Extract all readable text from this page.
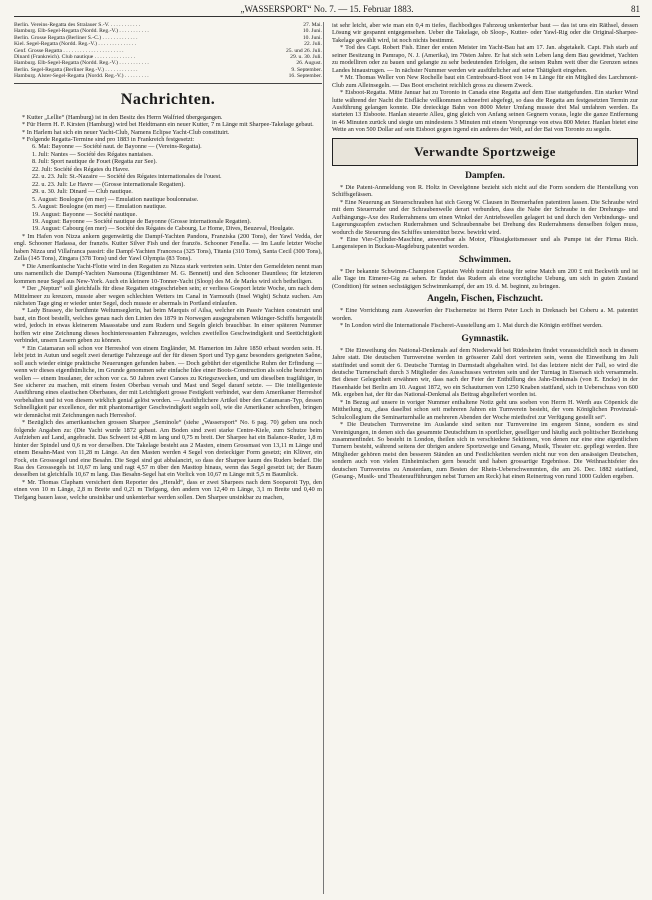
„WASSERSPORT“ No. 7. — 15. Februar 1883.	81
Berlin. Vereins-Regatta des Stralauer S.-V. . . . . . . . . . . .	27. Mai.
Hamburg. Elb-Segel-Regatta (Nordd. Reg.-V.) . . . . . . . . . . .	10. Juni.
Berlin. Grosse Regatta (Berliner S.-C.) . . . . . . . . . . . . .	10. Juni.
Kiel. Segel-Regatta (Nordd. Reg.-V.) . . . . . . . . . . . . . .	22. Juli.
Genf. Grosse Regatta . . . . . . . . . . . . . . . . . . . . . .	25. und 26. Juli.
Dinard (Frankreich). Club nautique . . . . . . . . . . . . . . .	29. u. 30. Juli.
Hamburg. Elb-Segel-Regatta (Nordd. Reg.-V.) . . . . . . . . . . .	26. August.
Berlin. Segel-Regatta (Berliner Reg.-V.) . . . . . . . . . . . .	9. September.
Hamburg. Alster-Segel-Regatta (Nordd. Reg.-V.) . . . . . . . . .	16. September.
Nachrichten.

* Kutter „Lellie“ (Hamburg) ist in den Besitz des Herrn Walfried übergegangen.

* Für Herrn H. F. Kirsten (Hamburg) wird bei Heidtmann ein neuer Kutter, 7 m Länge mit Sharpee-Takelage gebaut.

* In Harlem hat sich ein neuer Yacht-Club, Namens Eclipse Yacht-Club constituirt.

* Folgende Regatta-Termine sind pro 1883 in Frankreich festgesetzt:

6. Mai: Bayonne — Société naut. de Bayonne — (Vereins-Regatta).

1. Juli: Nantes — Société des Régates nantaises.

8. Juli: Sport nautique de Fouet (Regatta zur See).

22. Juli: Société des Régates du Havre.

22. u. 23. Juli: St.-Nazaire — Société des Régates internationales de l'ouest.

22. u. 23. Juli: Le Havre — (Grosse internationale Regatten).

29. u. 30. Juli: Dinard — Club nautique.

5. August: Boulogne (en mer) — Emulation nautique boulonnaise.

5. August: Boulogne (en mer) — Emulation nautique.

19. August: Bayonne — Société nautique.

19. August: Bayonne — Société nautique de Bayonne (Grosse internationale Regatten).

19. August: Cabourg (en mer) — Société des Régates de Cabourg, Le Home, Dives, Beuzeval, Houlgate.

* Im Hafen von Nizza ankern gegenwärtig die Dampf-Yachten Pandora, Franziska (200 Tons), der Yawl Vedda, der engl. Schooner Hadassa, der französ. Kutter Silver Fish und der französ. Schooner Fenella. — Im Laufe letzter Woche haben Nizza und Villafranca passirt: die Dampf-Yachten Francesca (325 Tons), Titania (310 Tons), Santa Cecil (300 Tons), Zella (145 Tons), Zingara (378 Tons) und der Yawl Olympia (83 Tons).

* Die Amerikanische Yacht-Flotte wird in den Regatten zu Nizza stark vertreten sein. Unter den Gemeldeten nennt man uns namentlich die Dampf-Yachten Namouna (Eigenthümer M. G. Bennett) und den Schooner Dauntless; für letzteren kommen neue Segel aus New-York. Auch ein kleinere 10-Tonner-Yacht (Sloop) des M. de Marks wird sich betheiligen.

* Der „Neptun“ soll gleichfalls für diese Regatten eingeschrieben sein; er verliess Gosport letzte Woche, um nach dem Mittelmeer zu kreuzen, musste aber wegen schlechten Wetters im Canal in Yarmouth (Insel Wight) Schutz suchen. Am nächsten Tage ging er wieder unter Segel, doch musste er abermals in Portland einlaufen.

* Lady Brassey, die berühmte Weltumseglerin, hat beim Marquis of Ailsa, welcher ein Passiv Yachten construirt und baut, ein Boot bestellt, welches genau nach den Linien des 1879 in Norwegen ausgegrabenen Wikinger-Schiffs hergestellt wird, jedoch in etwas kleinerem Maassstabe und zum Rudern und Segeln gleich brauchbar. In einer späteren Nummer hoffen wir eine Zeichnung dieses hochinteressanten Fahrzeuges, welches zweifellos Geschwindigkeit und Seetüchtigkeit verbindet, unsern Lesern geben zu können.

* Ein Catamaran soll schon vor Herreshof von einem Engländer, M. Hamerton im Jahre 1850 erbaut worden sein. H. lebt jetzt in Autun und segelt zwei derartige Fahrzeuge auf der für diesen Sport und Typ ganz besonders geeigneten Saône, soll auch wieder einige praktische Neuerungen gefunden haben. — Doch gebührt der eigentliche Ruhm der Erfindung — wenn wir dieses eigenthümliche, im Grunde genommen sehr einfache Idee einer Boots-Construction als solche bezeichnen wollen — einem Insulaner, der schon vor ca. 50 Jahren zwei Canoes zu Kriegszwecken, und um dieselben tragfähiger, in See sicherer zu machen, mit einem festen Oberbau versah und Mast und Segel daranf setzte. — Die intelligenteste Ausführung eines elastischen Oberbaues, der mit Leichtigkeit grosse Festigkeit verbindet, war dem Amerikaner Herreshof vorbehalten und ist von diesem wirklich genial gelöst worden. — Ausführlichere Artikel über den Catamaran-Typ, dessen Schnelligkeit par excellence, der mit phantomartiger Geschwindigkeit segeln soll, wie die Amerikaner schreiben, bringen wir demnächst mit Zeichnungen nach Herreshof.

* Bezüglich des amerikanischen grossen Sharpee „Seminole“ (siehe „Wassersport“ No. 6 pag. 70) geben uns noch folgende Angaben zu: (Die Yacht wurde 1872 gebaut. Am Boden sind zwei starke Centre-Kiele, zum Schutze beim Aufziehen auf Land, angebracht. Das Schwert ist 4,88 m lang und 0,75 m breit. Der Sharpee hat ein Balance-Ruder, 1,8 m hinter der Spindel und 0,6 m vor derselben. Die Takelage besteht aus 2 Masten, einem Grossmast von 13,11 m Länge und einem Besahn-Mast von 11,28 m Länge. An den Masten werden 4 Segel von dreieckiger Form gesetzt; ein Klüver, ein Fock, ein Grosssegel und eine Besahn. Die Segel sind gut abbalancirt, so dass der Sharpee kaum des Ruders bedarf. Die Raa des Grosssegels ist 10,67 m lang und ragt 4,57 m über den Masttop hinaus, wenn das Segel gesetzt ist; der Baum desselben ist gleichfalls 10,67 m lang. Das Besahn-Segel hat ein Vorlick von 10,67 m Länge mit 5,5 m Baumlick.

* Mr. Thomas Clapham versichert dem Reporter des „Herald“, dass er zwei Sharpees nach dem Sooparoit Typ, den einen von 10 m Länge, 2,8 m Breite und 0,21 m Tiefgang, den andern von 12,40 m Länge, 3,1 m Breite und 0,40 m Tiefgang bauen lasse, welche unsinkbar und unkenterbar werden sollen. Den Sharpee unsinkbar zu machen,

ist sehr leicht, aber wie man ein 0,4 m tiefes, flachbodiges Fahrzeug unkenterbar baut — das ist uns ein Räthsel, dessen Lösung wir gespannt entgegensehen. Ueber die Takelage, ob Sloop-, Kutter- oder Yawl-Rig oder die Original-Sharpee-Takelage gewählt wird, ist noch nichts bestimmt.

* Tod des Capt. Robert Fish. Einer der ersten Meister im Yacht-Bau hat am 17. Jan. abgetakelt. Capt. Fish starb auf seiner Besitzung in Pamrapo, N. J. (Amerika), im 70sten Jahre. Er hat sich sein Leben lang dem Bau gewidmet, Yachten zu modelliren oder zu bauen und gelangte zu sehr bedeutenden Erfolgen, die seinen Ruhm weit über die Grenzen seines Landes hinaustrugen. — In nächster Nummer werden wir ausführlicher auf seine Thätigkeit eingehen.

* Mr. Thomas Weller von New Rochelle baut ein Centreboard-Boot von 14 m Länge für ein Mitglied des Larchmont-Club zum Alleinsegeln. — Das Boot erscheint reichlich gross zu diesem Zweck.

* Eisboot-Regatta. Mitte Januar hat zu Toronto in Canada eine Regatta auf dem Eise stattgefunden. Ein starker Wind lutte während der Nacht die Eisfläche vollkommen schneefrei abgefegt, so dass die Regatta am festgesetzten Termin zur Ausführung gelangen konnte. Die dreieckige Bahn von 8000 Meter Umfang musste drei Mal umfahren werden. Es starteten 13 Eisboote. Hanlan steuerte Alleu, ging gleich von Anfang seinen Gegnern voraus, legte die ganze Entfernung in 46 Minuten zurück und siegte um mindestens 3 Minuten mit einem Vorsprunge von etwa 800 Meter. Hanlan bietet eine Wette an von 500 Dollar auf sein Eisboot gegen irgend ein anderes der Welt, auf der Bai von Toronto zu segeln.

Verwandte Sportzweige
Dampfen.

* Die Patent-Anmeldung von R. Holtz in Oevelgönne bezieht sich nicht auf die Form sondern die Herstellung von Schiffsgefässen.

* Eine Neuerung an Steuerschrauben hat sich Georg W. Clausen in Bremerhafen patentiren lassen. Die Schraube wird mit dem Steuerruder und der Schraubenwelle derart verbunden, dass die Nabe der Schraube in der Drehungs- und Aufhängungs-Axe des Ruderrahmens um einen Winkel der Antriebswellen gelagert ist und durch den Verbindungs- und Lagerungszapfen zwischen Ruderrahmen und Schraubennabe bei Drehung des Ruderrahmens denselben folgen muss, wodurch die Steuerung des Schiffes unterstützt bezw. bewirkt wird.

* Eine Vier-Cylinder-Maschine, anwendbar als Motor, Flüssigkeitsmesser und als Pumpe ist der Firma Rich. Langensiepen in Buckau-Magdeburg patentirt worden.

Schwimmen.

* Der bekannte Schwimm-Champion Capitain Webb trainirt fleissig für seine Match um 200 £ mit Beckwith und ist alle Tage im Eimerer-Gig zu sehen. Er findet das Rudern als eine vorzügliche Uebung, um sich in guten Zustand (Condition) für seinen sechstägigen Schwimmkampf, der am 19. d. M. beginnt, zu bringen.

Angeln, Fischen, Fischzucht.

* Eine Vorrichtung zum Auswerfen der Fischernetze ist Herrn Peter Loch in Dreknach bei Coberu a. M. patentirt worden.

* In London wird die Internationale Fischerei-Ausstellung am 1. Mai durch die Königin eröffnet werden.

Gymnastik.

* Die Einweihung des National-Denkmals auf dem Niederwald bei Rüdesheim findet voraussichtlich noch in diesem Jahre statt. Die deutschen Turnvereine werden in grösserer Zahl dort vertreten sein, wenn die Einweihung im Juli stattfindet und somit der 6. Deutsche Turntag in Darmstadt abgehalten wird. Ist das letztere nicht der Fall, so wird die deutsche Turnerschaft durch 3 Mitglieder des Ausschusses vertreten sein und der Turntag in Eisenach sich versammeln. Bei dieser Gelegenheit erwähnen wir, dass nach der Feier der Enthüllung des Jahn-Denkmals (von E. Encke) in der Hasenhaide bei Berlin am 10. August 1872, wo ein Schauturnen von 1250 Knaben stattfand, sich in Ueberschuss von 600 Mk. ergeben hat, der für das National-Denkmal als Beitrag abgeliefert worden ist.

* In Bezug auf unsere in voriger Nummer enthaltene Notiz geht uns soeben von Herrn H. Werth aus Cöpenick die Mittheilung zu, „dass daselbst schon seit mehreren Jahren ein Turnverein besteht, der vom Königlichen Provinzial-Schulcollegium die Seminarturnhalle an mehreren Abenden der Woche miethsfrei zur Verfügung gestellt sei“.

* Die Deutschen Turnvereine im Auslande sind seiten nur Turnvereine im engeren Sinne, sondern es sind Vereinigungen, in denen sich das gesammte Deutschthum in sportlicher, geselliger und häufig auch politischer Beziehung zusammenfindet. So besteht in London, theilen sich in verschiedene Sektionen, von denen nur eine eine eigentlichen Turnern besteht, während seitens der übrigen andere Sportzweige und Gesang, Musik, Theater etc. gepflegt werden. Ihre Mitglieder gehören meist den besseren Ständen an und Festlichkeiten werden nicht nur von den ansässigen Deutschen, sondern auch von vielen Einheimischen gern besucht und haben grossartige Ergebnisse. Die Weihnachtsfeier des deutschen Turnvereins zu Amsterdam, zum Besten der Rhein-Ueberschwemmten, die am 26. Dec. 1882 stattfand, (Gesang-, Musik- und Theateraufführungen nebst Turnen am Reck) hat einen Reinertrag von rund 1000 Gulden ergeben.
